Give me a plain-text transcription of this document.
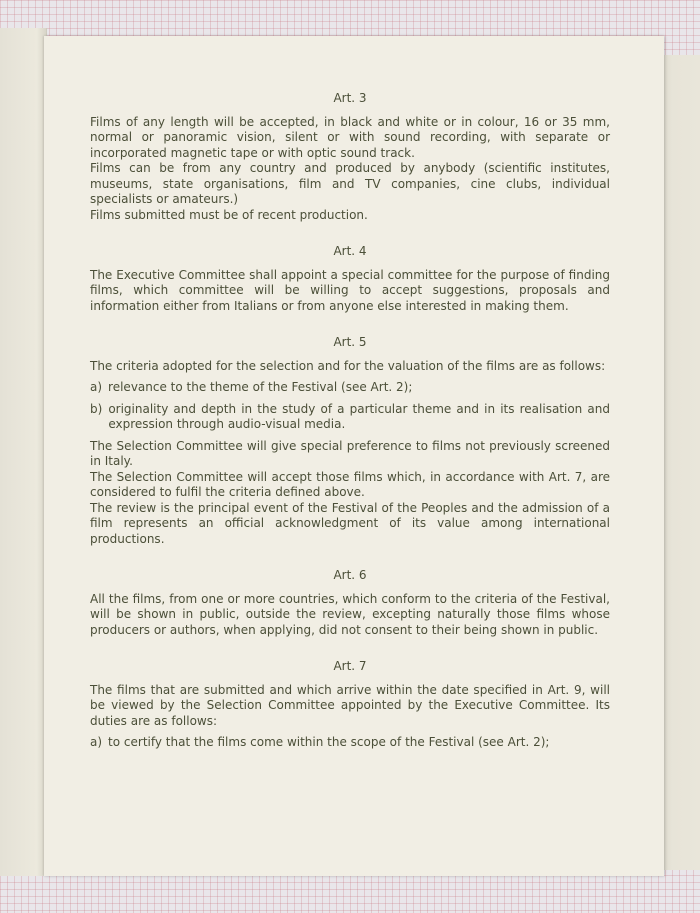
Art. 3

Films of any length will be accepted, in black and white or in colour, 16 or 35 mm, normal or panoramic vision, silent or with sound recording, with separate or incorporated magnetic tape or with optic sound track.

Films can be from any country and produced by anybody (scientific institutes, museums, state organisations, film and TV companies, cine clubs, individual specialists or amateurs.)

Films submitted must be of recent production.

Art. 4

The Executive Committee shall appoint a special committee for the purpose of finding films, which committee will be willing to accept suggestions, proposals and information either from Italians or from anyone else interested in making them.

Art. 5

The criteria adopted for the selection and for the valuation of the films are as follows:

a) relevance to the theme of the Festival (see Art. 2);
b) originality and depth in the study of a particular theme and in its realisation and expression through audio-visual media.

The Selection Committee will give special preference to films not previously screened in Italy.

The Selection Committee will accept those films which, in accordance with Art. 7, are considered to fulfil the criteria defined above.

The review is the principal event of the Festival of the Peoples and the admission of a film represents an official acknowledgment of its value among international productions.

Art. 6

All the films, from one or more countries, which conform to the criteria of the Festival, will be shown in public, outside the review, excepting naturally those films whose producers or authors, when applying, did not consent to their being shown in public.

Art. 7

The films that are submitted and which arrive within the date specified in Art. 9, will be viewed by the Selection Committee appointed by the Executive Committee. Its duties are as follows:

a) to certify that the films come within the scope of the Festival (see Art. 2);
